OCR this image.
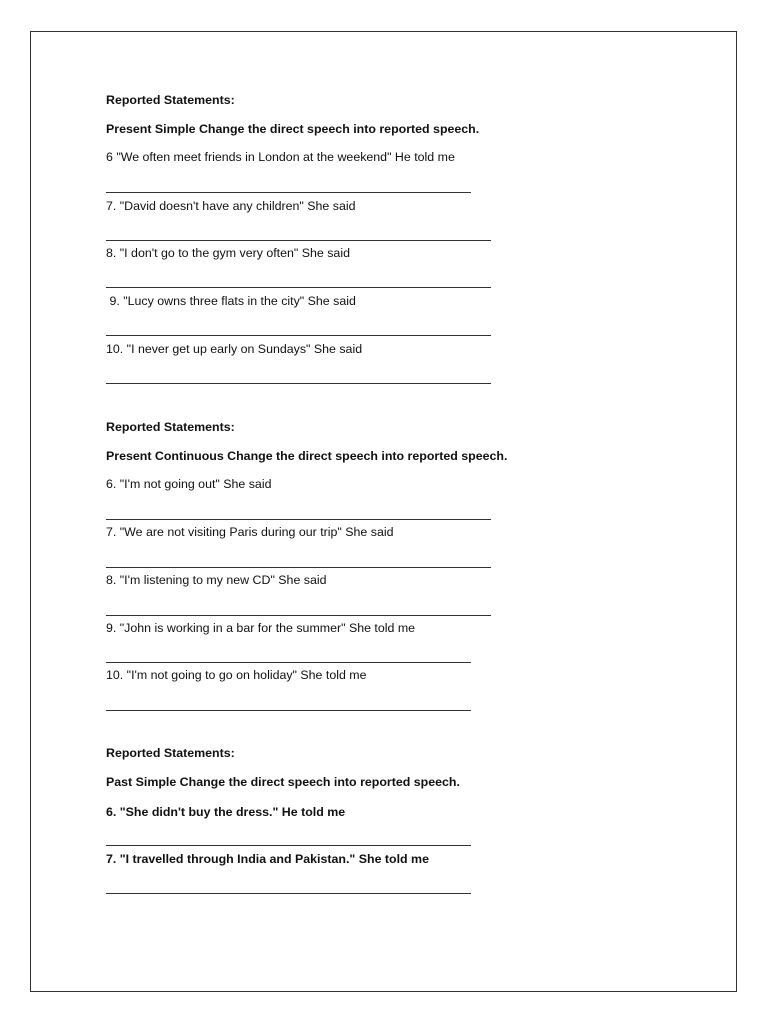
Reported Statements:
Present Simple Change the direct speech into reported speech.
6 "We often meet friends in London at the weekend" He told me
7. "David doesn't have any children" She said
8. "I don't go to the gym very often" She said
9. "Lucy owns three flats in the city" She said
10. "I never get up early on Sundays" She said
Reported Statements:
Present Continuous Change the direct speech into reported speech.
6. "I'm not going out" She said
7. "We are not visiting Paris during our trip" She said
8. "I'm listening to my new CD" She said
9. "John is working in a bar for the summer" She told me
10. "I'm not going to go on holiday" She told me
Reported Statements:
Past Simple Change the direct speech into reported speech.
6. "She didn't buy the dress." He told me
7. "I travelled through India and Pakistan." She told me
